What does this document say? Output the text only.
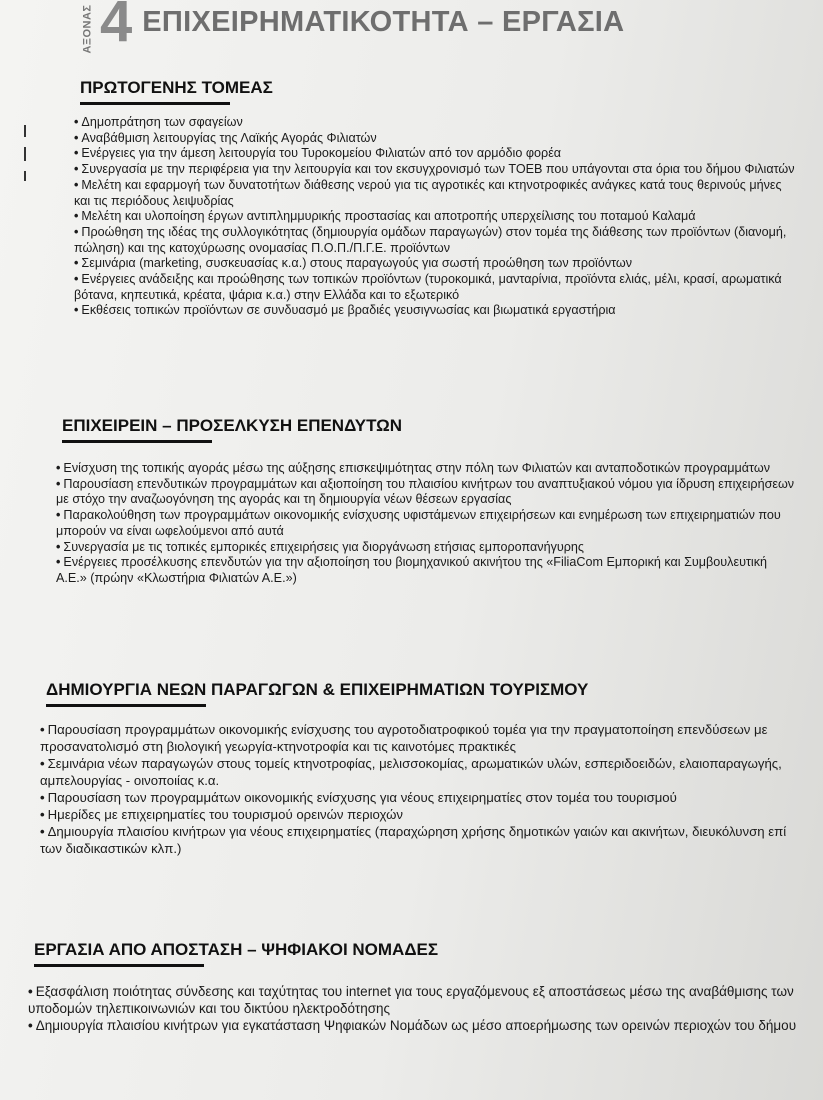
ΑΞΟΝΑΣ 4 ΕΠΙΧΕΙΡΗΜΑΤΙΚΟΤΗΤΑ – ΕΡΓΑΣΙΑ
ΠΡΩΤΟΓΕΝΗΣ ΤΟΜΕΑΣ
• Δημοπράτηση των σφαγείων
• Αναβάθμιση λειτουργίας της Λαϊκής Αγοράς Φιλιατών
• Ενέργειες για την άμεση λειτουργία του Τυροκομείου Φιλιατών από τον αρμόδιο φορέα
• Συνεργασία με την περιφέρεια για την λειτουργία και τον εκσυγχρονισμό των ΤΟΕΒ που υπάγονται στα όρια του δήμου Φιλιατών
• Μελέτη και εφαρμογή των δυνατοτήτων διάθεσης νερού για τις αγροτικές και κτηνοτροφικές ανάγκες κατά τους θερινούς μήνες και τις περιόδους λειψυδρίας
• Μελέτη και υλοποίηση έργων αντιπλημμυρικής προστασίας και αποτροπής υπερχείλισης του ποταμού Καλαμά
• Προώθηση της ιδέας της συλλογικότητας (δημιουργία ομάδων παραγωγών) στον τομέα της διάθεσης των προϊόντων (διανομή, πώληση) και της κατοχύρωσης ονομασίας Π.Ο.Π./Π.Γ.Ε. προϊόντων
• Σεμινάρια (marketing, συσκευασίας κ.α.) στους παραγωγούς για σωστή προώθηση των προϊόντων
• Ενέργειες ανάδειξης και προώθησης των τοπικών προϊόντων (τυροκομικά, μανταρίνια, προϊόντα ελιάς, μέλι, κρασί, αρωματικά βότανα, κηπευτικά, κρέατα, ψάρια κ.α.) στην Ελλάδα και το εξωτερικό
• Εκθέσεις τοπικών προϊόντων σε συνδυασμό με βραδιές γευσιγνωσίας και βιωματικά εργαστήρια
ΕΠΙΧΕΙΡΕΙΝ – ΠΡΟΣΕΛΚΥΣΗ ΕΠΕΝΔΥΤΩΝ
• Ενίσχυση της τοπικής αγοράς μέσω της αύξησης επισκεψιμότητας στην πόλη των Φιλιατών και ανταποδοτικών προγραμμάτων
• Παρουσίαση επενδυτικών προγραμμάτων και αξιοποίηση του πλαισίου κινήτρων του αναπτυξιακού νόμου για ίδρυση επιχειρήσεων με στόχο την αναζωογόνηση της αγοράς και τη δημιουργία νέων θέσεων εργασίας
• Παρακολούθηση των προγραμμάτων οικονομικής ενίσχυσης υφιστάμενων επιχειρήσεων και ενημέρωση των επιχειρηματιών που μπορούν να είναι ωφελούμενοι από αυτά
• Συνεργασία με τις τοπικές εμπορικές επιχειρήσεις για διοργάνωση ετήσιας εμποροπανήγυρης
• Ενέργειες προσέλκυσης επενδυτών για την αξιοποίηση του βιομηχανικού ακινήτου της «FiliaCom Εμπορική και Συμβουλευτική Α.Ε.» (πρώην «Κλωστήρια Φιλιατών Α.Ε.»)
ΔΗΜΙΟΥΡΓΙΑ ΝΕΩΝ ΠΑΡΑΓΩΓΩΝ & ΕΠΙΧΕΙΡΗΜΑΤΙΩΝ ΤΟΥΡΙΣΜΟΥ
• Παρουσίαση προγραμμάτων οικονομικής ενίσχυσης του αγροτοδιατροφικού τομέα για την πραγματοποίηση επενδύσεων με προσανατολισμό στη βιολογική γεωργία-κτηνοτροφία και τις καινοτόμες πρακτικές
• Σεμινάρια νέων παραγωγών στους τομείς κτηνοτροφίας, μελισσοκομίας, αρωματικών υλών, εσπεριδοειδών, ελαιοπαραγωγής, αμπελουργίας - οινοποιίας κ.α.
• Παρουσίαση των προγραμμάτων οικονομικής ενίσχυσης για νέους επιχειρηματίες στον τομέα του τουρισμού
• Ημερίδες με επιχειρηματίες του τουρισμού ορεινών περιοχών
• Δημιουργία πλαισίου κινήτρων για νέους επιχειρηματίες (παραχώρηση χρήσης δημοτικών γαιών και ακινήτων, διευκόλυνση επί των διαδικαστικών κλπ.)
ΕΡΓΑΣΙΑ ΑΠΟ ΑΠΟΣΤΑΣΗ – ΨΗΦΙΑΚΟΙ ΝΟΜΑΔΕΣ
• Εξασφάλιση ποιότητας σύνδεσης και ταχύτητας του internet για τους εργαζόμενους εξ αποστάσεως μέσω της αναβάθμισης των υποδομών τηλεπικοινωνιών και του δικτύου ηλεκτροδότησης
• Δημιουργία πλαισίου κινήτρων για εγκατάσταση Ψηφιακών Νομάδων ως μέσο αποερήμωσης των ορεινών περιοχών του δήμου
